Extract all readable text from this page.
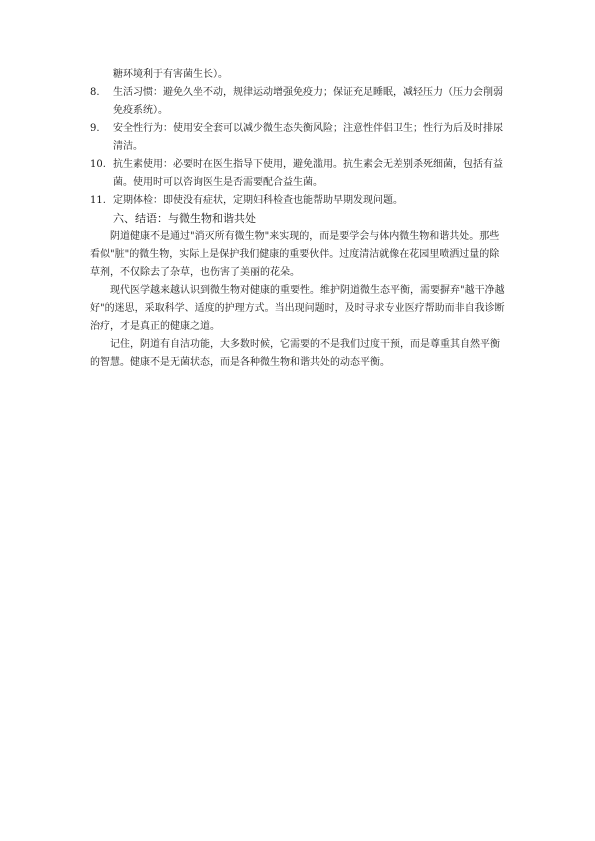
糖环境利于有害菌生长）。
8. 生活习惯：避免久坐不动，规律运动增强免疫力；保证充足睡眠，减轻压力（压力会削弱免疫系统）。
9. 安全性行为：使用安全套可以减少微生态失衡风险；注意性伴侣卫生；性行为后及时排尿清洁。
10. 抗生素使用：必要时在医生指导下使用，避免滥用。抗生素会无差别杀死细菌，包括有益菌。使用时可以咨询医生是否需要配合益生菌。
11. 定期体检：即使没有症状，定期妇科检查也能帮助早期发现问题。
六、结语：与微生物和谐共处
阴道健康不是通过"消灭所有微生物"来实现的，而是要学会与体内微生物和谐共处。那些看似"脏"的微生物，实际上是保护我们健康的重要伙伴。过度清洁就像在花园里喷洒过量的除草剂，不仅除去了杂草，也伤害了美丽的花朵。
现代医学越来越认识到微生物对健康的重要性。维护阴道微生态平衡，需要摒弃"越干净越好"的迷思，采取科学、适度的护理方式。当出现问题时，及时寻求专业医疗帮助而非自我诊断治疗，才是真正的健康之道。
记住，阴道有自洁功能，大多数时候，它需要的不是我们过度干预，而是尊重其自然平衡的智慧。健康不是无菌状态，而是各种微生物和谐共处的动态平衡。
